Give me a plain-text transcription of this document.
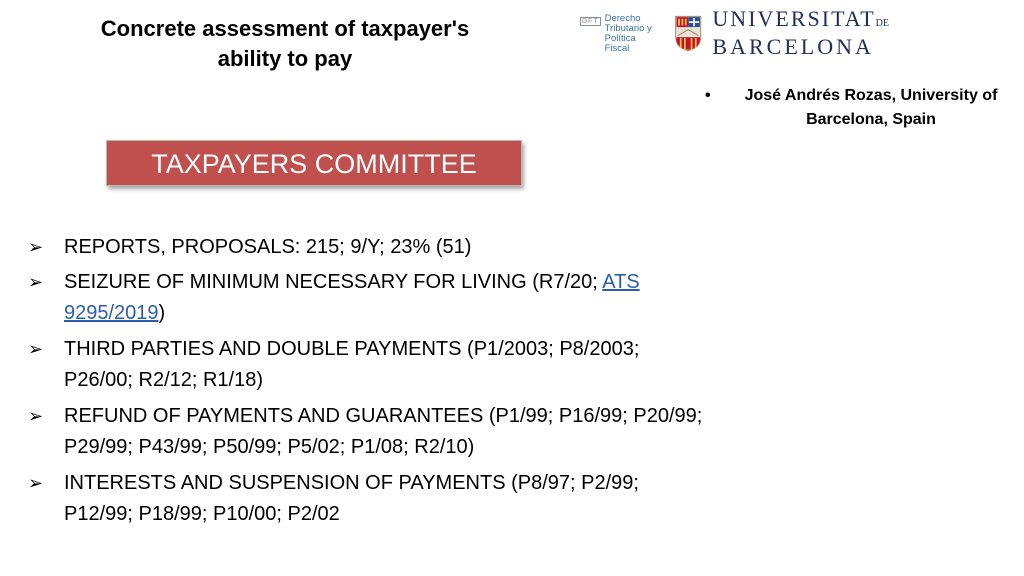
Concrete assessment of taxpayer's
ability to pay
DFT Derecho
Tributario y
Política
Fiscal
UNIVERSITATDE
BARCELONA
•	José Andrés Rozas, University of
Barcelona, Spain
TAXPAYERS COMMITTEE
➢ REPORTS, PROPOSALS: 215; 9/Y; 23% (51)
➢ SEIZURE OF MINIMUM NECESSARY FOR LIVING (R7/20; ATS 9295/2019)
➢ THIRD PARTIES AND DOUBLE PAYMENTS (P1/2003; P8/2003; P26/00; R2/12; R1/18)
➢ REFUND OF PAYMENTS AND GUARANTEES (P1/99; P16/99; P20/99; P29/99; P43/99; P50/99; P5/02; P1/08; R2/10)
➢ INTERESTS AND SUSPENSION OF PAYMENTS (P8/97; P2/99; P12/99; P18/99; P10/00; P2/02
